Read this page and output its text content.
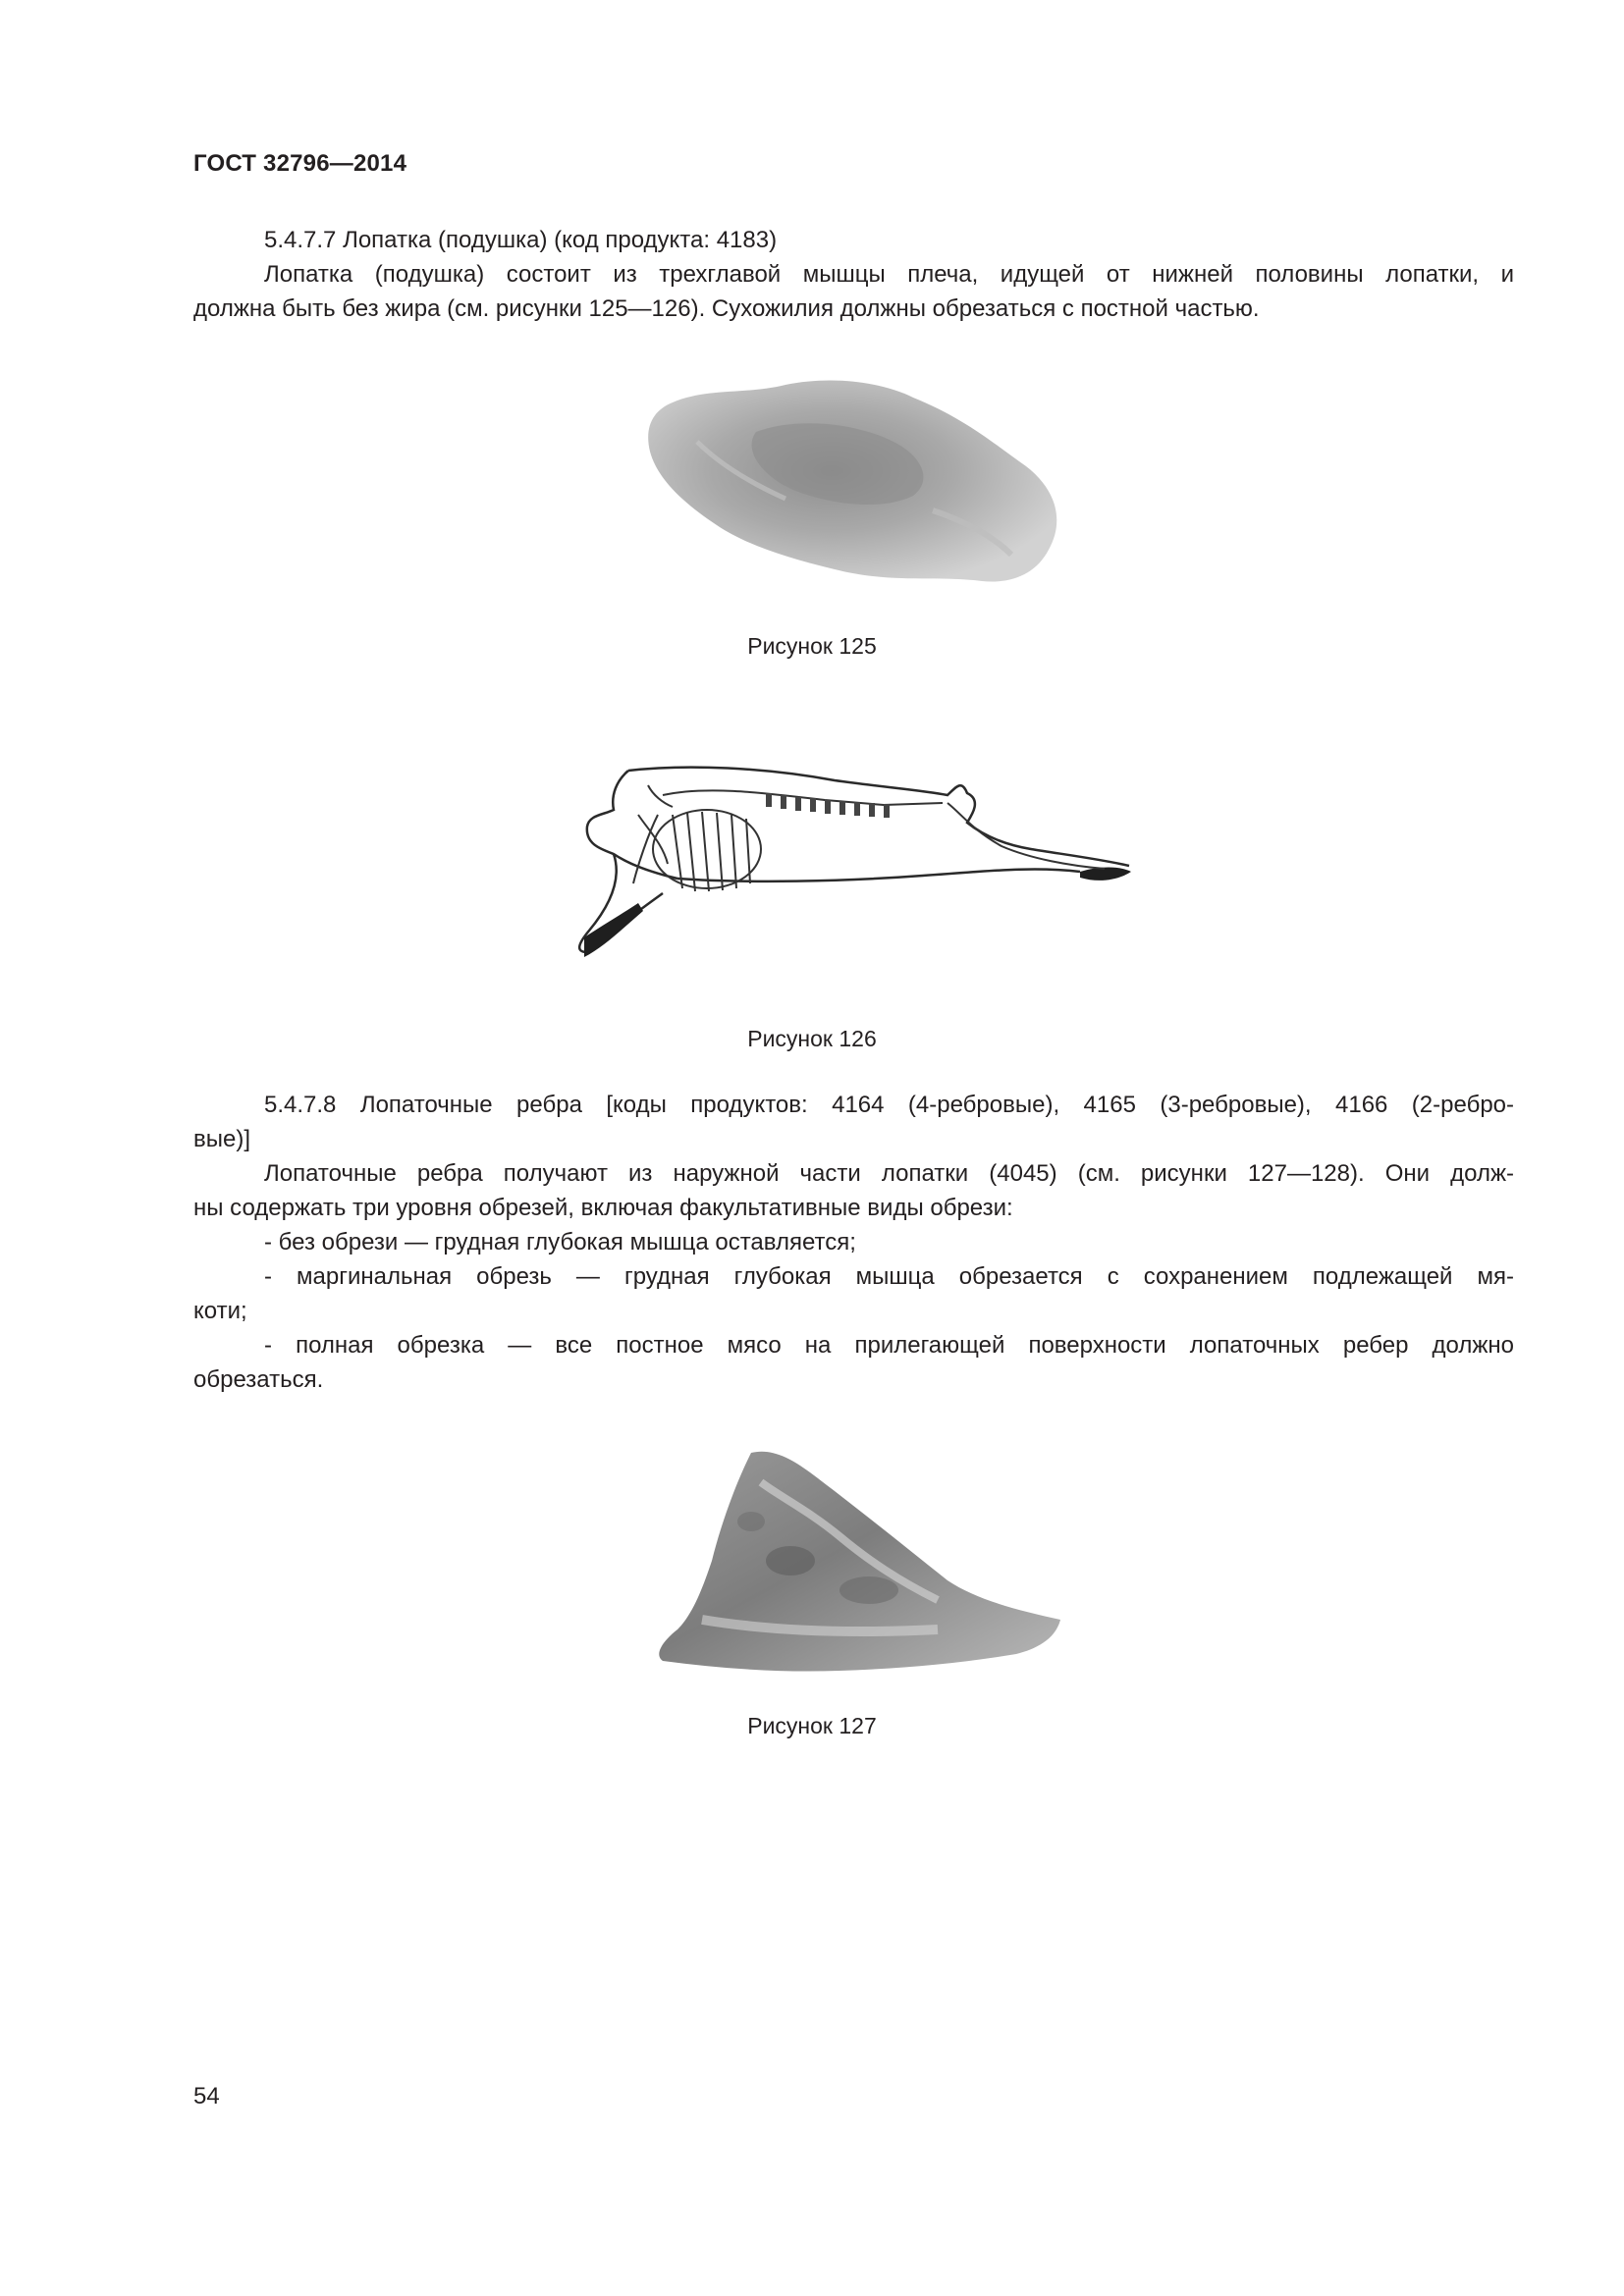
ГОСТ 32796—2014
5.4.7.7 Лопатка (подушка) (код продукта: 4183)
Лопатка (подушка) состоит из трехглавой мышцы плеча, идущей от нижней половины лопатки, и
должна быть без жира (см. рисунки 125—126). Сухожилия должны обрезаться с постной частью.
Рисунок 125
Рисунок 126
5.4.7.8 Лопаточные ребра [коды продуктов: 4164 (4-ребровые), 4165 (3-ребровые), 4166 (2-ребро-
вые)]
Лопаточные ребра получают из наружной части лопатки (4045) (см. рисунки 127—128). Они долж-
ны содержать три уровня обрезей, включая факультативные виды обрези:
- без обрези — грудная глубокая мышца оставляется;
- маргинальная обрезь — грудная глубокая мышца обрезается с сохранением подлежащей мя-
коти;
- полная обрезка — все постное мясо на прилегающей поверхности лопаточных ребер должно
обрезаться.
Рисунок 127
54
